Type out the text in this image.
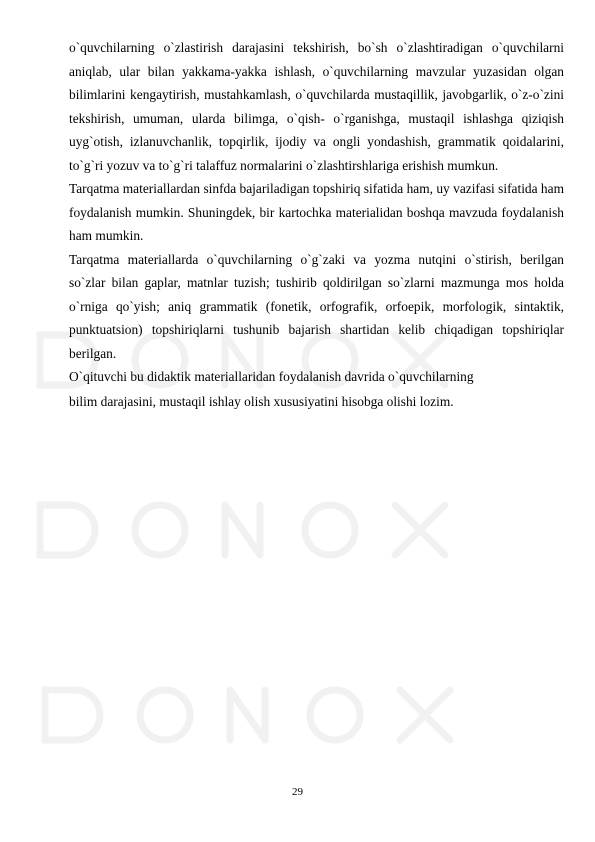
o`quvchilarning o`zlastirish darajasini tekshirish, bo`sh o`zlashtiradigan o`quvchilarni aniqlab, ular bilan yakkama-yakka ishlash, o`quvchilarning mavzular yuzasidan olgan bilimlarini kengaytirish, mustahkamlash, o`quvchilarda mustaqillik, javobgarlik, o`z-o`zini tekshirish, umuman, ularda bilimga, o`qish- o`rganishga, mustaqil ishlashga qiziqish uyg`otish, izlanuvchanlik, topqirlik, ijodiy va ongli yondashish, grammatik qoidalarini, to`g`ri yozuv va to`g`ri talaffuz normalarini o`zlashtirshlariga erishish mumkun.

Tarqatma materiallardan sinfda bajariladigan topshiriq sifatida ham, uy vazifasi sifatida ham foydalanish mumkin. Shuningdek, bir kartochka materialidan boshqa mavzuda foydalanish ham mumkin.

Tarqatma materiallarda o`quvchilarning o`g`zaki va yozma nutqini o`stirish, berilgan so`zlar bilan gaplar, matnlar tuzish; tushirib qoldirilgan so`zlarni mazmunga mos holda o`rniga qo`yish; aniq grammatik (fonetik, orfografik, orfoepik, morfologik, sintaktik, punktuatsion) topshiriqlarni tushunib bajarish shartidan kelib chiqadigan topshiriqlar berilgan.

O`qituvchi bu didaktik materiallaridan foydalanish davrida o`quvchilarning

bilim darajasini, mustaqil ishlay olish xususiyatini hisobga olishi lozim.

29
